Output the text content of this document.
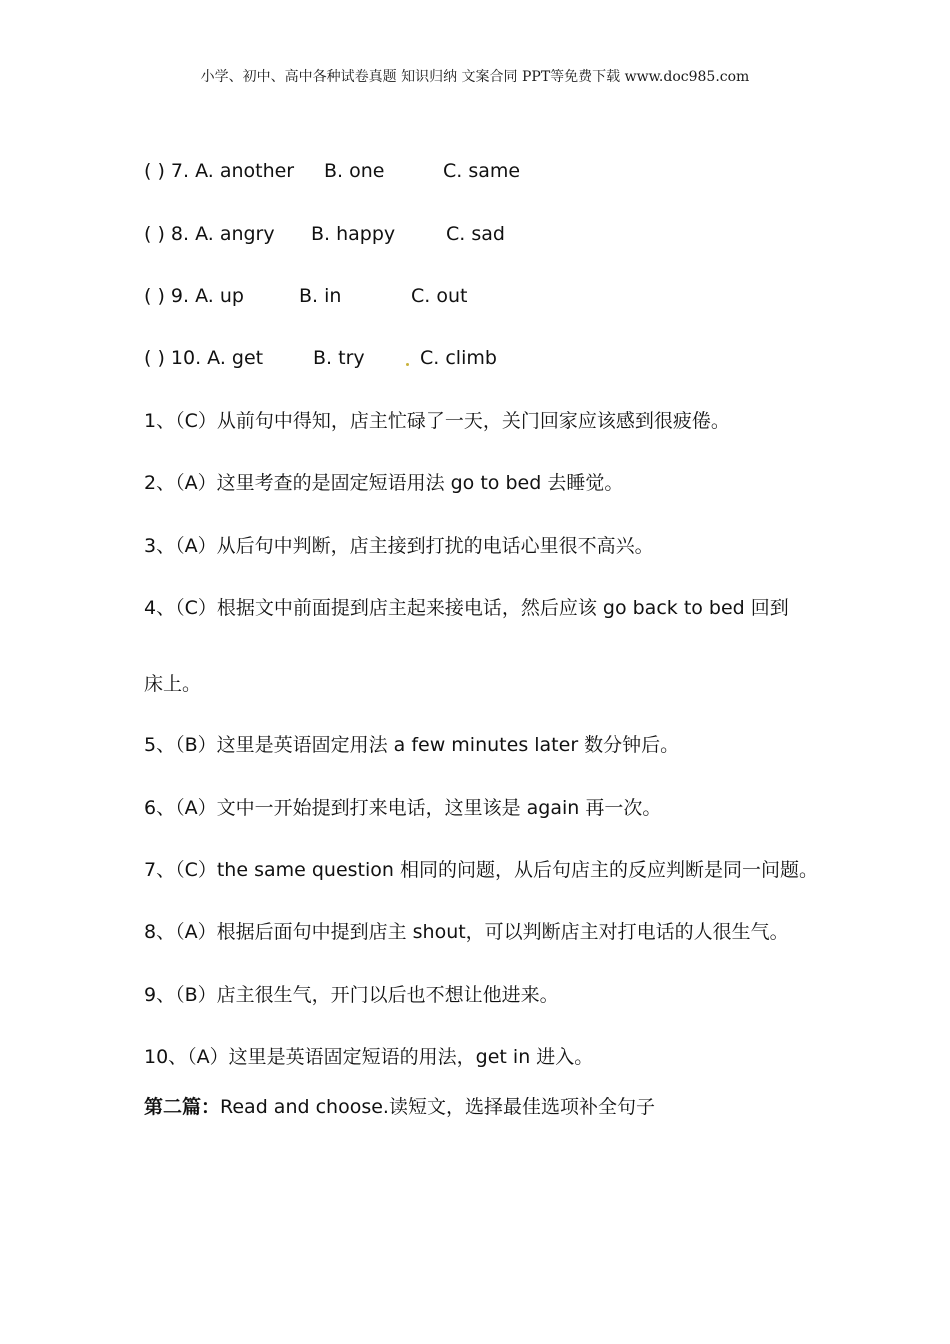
小学、初中、高中各种试卷真题 知识归纳 文案合同 PPT等免费下载 www.doc985.com
( ) 7. A. another B. one	C. same
( ) 8. A. angry B. happy	C. sad
( ) 9. A. up	B. in	C. out
( ) 10. A. get	B. try	C. climb
1、（C）从前句中得知，店主忙碌了一天，关门回家应该感到很疲倦。
2、（A）这里考查的是固定短语用法 go to bed 去睡觉。
3、（A）从后句中判断，店主接到打扰的电话心里很不高兴。
4、（C）根据文中前面提到店主起来接电话，然后应该 go back to bed 回到
床上。
5、（B）这里是英语固定用法 a few minutes later 数分钟后。
6、（A）文中一开始提到打来电话，这里该是 again 再一次。
7、（C）the same question 相同的问题，从后句店主的反应判断是同一问题。
8、（A）根据后面句中提到店主 shout，可以判断店主对打电话的人很生气。
9、（B）店主很生气，开门以后也不想让他进来。
10、（A）这里是英语固定短语的用法，get in 进入。
第二篇：Read and choose.读短文，选择最佳选项补全句子
